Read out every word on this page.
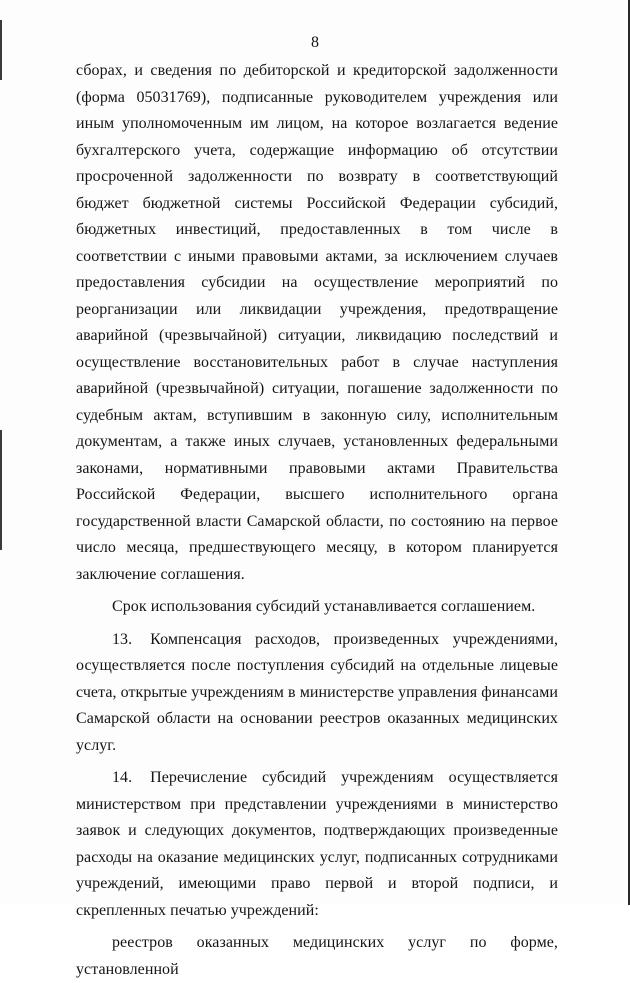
8

сборах, и сведения по дебиторской и кредиторской задолженности (форма 05031769), подписанные руководителем учреждения или иным уполномоченным им лицом, на которое возлагается ведение бухгалтерского учета, содержащие информацию об отсутствии просроченной задолженности по возврату в соответствующий бюджет бюджетной системы Российской Федерации субсидий, бюджетных инвестиций, предоставленных в том числе в соответствии с иными правовыми актами, за исключением случаев предоставления субсидии на осуществление мероприятий по реорганизации или ликвидации учреждения, предотвращение аварийной (чрезвычайной) ситуации, ликвидацию последствий и осуществление восстановительных работ в случае наступления аварийной (чрезвычайной) ситуации, погашение задолженности по судебным актам, вступившим в законную силу, исполнительным документам, а также иных случаев, установленных федеральными законами, нормативными правовыми актами Правительства Российской Федерации, высшего исполнительного органа государственной власти Самарской области, по состоянию на первое число месяца, предшествующего месяцу, в котором планируется заключение соглашения.

Срок использования субсидий устанавливается соглашением.

13. Компенсация расходов, произведенных учреждениями, осуществляется после поступления субсидий на отдельные лицевые счета, открытые учреждениям в министерстве управления финансами Самарской области на основании реестров оказанных медицинских услуг.

14. Перечисление субсидий учреждениям осуществляется министерством при представлении учреждениями в министерство заявок и следующих документов, подтверждающих произведенные расходы на оказание медицинских услуг, подписанных сотрудниками учреждений, имеющими право первой и второй подписи, и скрепленных печатью учреждений:

реестров оказанных медицинских услуг по форме, установленной
